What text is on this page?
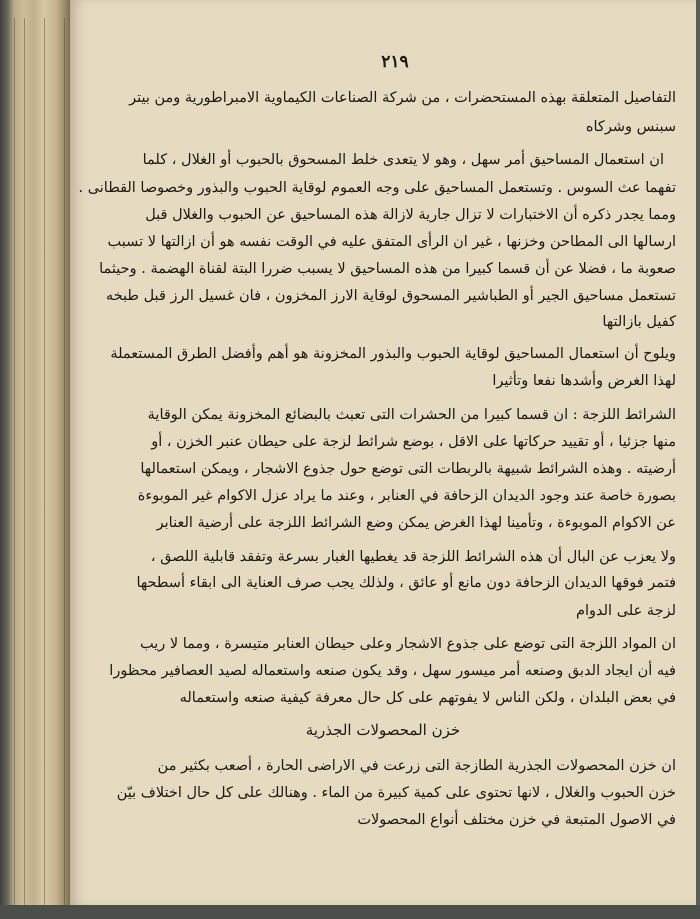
٢١٩
التفاصيل المتعلقة بهذه المستحضرات ، من شركة الصناعات الكيماوية الامبراطورية ومن بيتر
سبنس وشركاه
ان استعمال المساحيق أمر سهل ، وهو لا يتعدى خلط المسحوق بالحبوب أو الغلال ، كلما
تفهما عث السوس . وتستعمل المساحيق على وجه العموم لوقاية الحبوب والبذور وخصوصا القطانى .
ومما يجدر ذكره أن الاختبارات لا تزال جارية لازالة هذه المساحيق عن الحبوب والغلال قبل
ارسالها الى المطاحن وخزنها ، غير ان الرأى المتفق عليه في الوقت نفسه هو أن ازالتها لا تسبب
صعوبة ما ، فضلا عن أن قسما كبيرا من هذه المساحيق لا يسبب ضررا البتة لقناة الهضمة . وحيثما
تستعمل مساحيق الجير أو الطباشير المسحوق لوقاية الارز المخزون ، فان غسيل الرز قبل طبخه
كفيل بازالتها
ويلوح أن استعمال المساحيق لوقاية الحبوب والبذور المخزونة هو أهم وأفضل الطرق المستعملة
لهذا الغرض وأشدها نفعا وتأثيرا
الشرائط اللزجة : ان قسما كبيرا من الحشرات التى تعبث بالبضائع المخزونة يمكن الوقاية
منها جزئيا ، أو تقييد حركاتها على الاقل ، بوضع شرائط لزجة على حيطان عنبر الخزن ، أو
أرضيته . وهذه الشرائط شبيهة بالربطات التى توضع حول جذوع الاشجار ، ويمكن استعمالها
بصورة خاصة عند وجود الديدان الزحافة في العنابر ، وعند ما يراد عزل الاكوام غير الموبوءة
عن الاكوام الموبوءة ، وتأمينا لهذا الغرض يمكن وضع الشرائط اللزجة على أرضية العنابر
ولا يعزب عن البال أن هذه الشرائط اللزجة قد يغطيها الغبار بسرعة وتفقد قابلية اللصق ،
فتمر فوقها الديدان الزحافة دون مانع أو عائق ، ولذلك يجب صرف العناية الى ابقاء أسطحها
لزجة على الدوام
ان المواد اللزجة التى توضع على جذوع الاشجار وعلى حيطان العنابر متيسرة ، ومما لا ريب
فيه أن ايجاد الدبق وصنعه أمر ميسور سهل ، وقد يكون صنعه واستعماله لصيد العصافير محظورا
في بعض البلدان ، ولكن الناس لا يفوتهم على كل حال معرفة كيفية صنعه واستعماله
خزن المحصولات الجذرية
ان خزن المحصولات الجذرية الطازجة التى زرعت في الاراضى الحارة ، أصعب بكثير من
خزن الحبوب والغلال ، لانها تحتوى على كمية كبيرة من الماء . وهنالك على كل حال اختلاف بيّن
في الاصول المتبعة في خزن مختلف أنواع المحصولات
